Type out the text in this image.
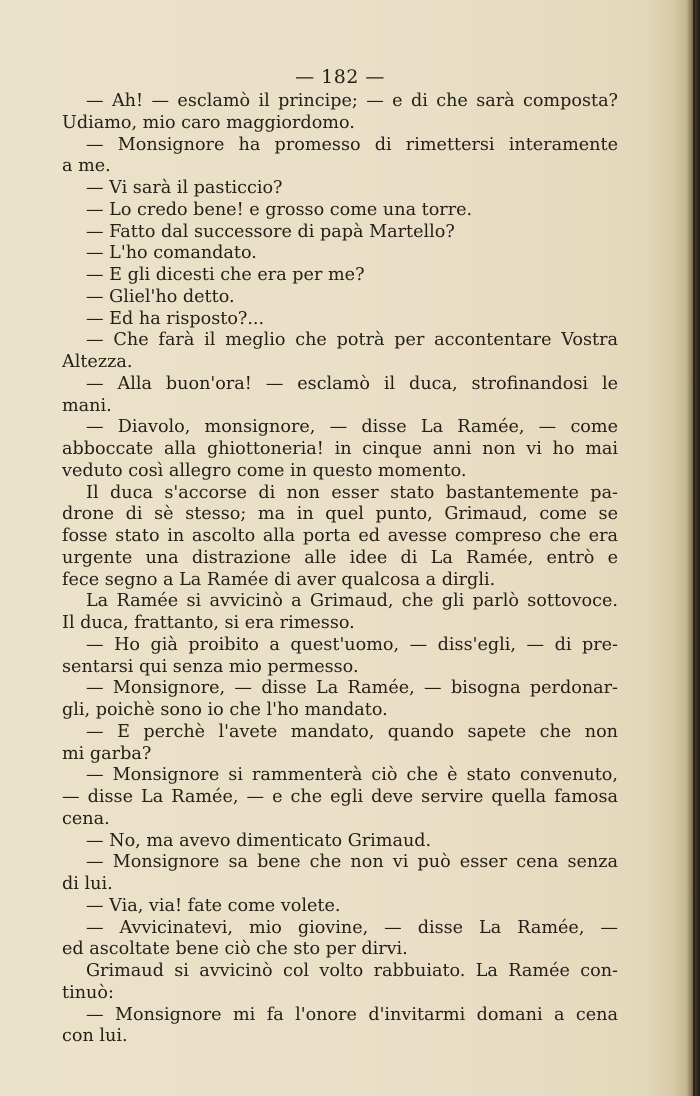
— 182 —
— Ah! — esclamò il principe; — e di che sarà composta?
Udiamo, mio caro maggiordomo.
— Monsignore ha promesso di rimettersi interamente
a me.
— Vi sarà il pasticcio?
— Lo credo bene! e grosso come una torre.
— Fatto dal successore di papà Martello?
— L'ho comandato.
— E gli dicesti che era per me?
— Gliel'ho detto.
— Ed ha risposto?...
— Che farà il meglio che potrà per accontentare Vostra
Altezza.
— Alla buon'ora! — esclamò il duca, strofinandosi le
mani.
— Diavolo, monsignore, — disse La Ramée, — come
abboccate alla ghiottoneria! in cinque anni non vi ho mai
veduto così allegro come in questo momento.
Il duca s'accorse di non esser stato bastantemente pa-
drone di sè stesso; ma in quel punto, Grimaud, come se
fosse stato in ascolto alla porta ed avesse compreso che era
urgente una distrazione alle idee di La Ramée, entrò e
fece segno a La Ramée di aver qualcosa a dirgli.
La Ramée si avvicinò a Grimaud, che gli parlò sottovoce.
Il duca, frattanto, si era rimesso.
— Ho già proibito a quest'uomo, — diss'egli, — di pre-
sentarsi qui senza mio permesso.
— Monsignore, — disse La Ramée, — bisogna perdonar-
gli, poichè sono io che l'ho mandato.
— E perchè l'avete mandato, quando sapete che non
mi garba?
— Monsignore si rammenterà ciò che è stato convenuto,
— disse La Ramée, — e che egli deve servire quella famosa
cena.
— No, ma avevo dimenticato Grimaud.
— Monsignore sa bene che non vi può esser cena senza
di lui.
— Via, via! fate come volete.
— Avvicinatevi, mio giovine, — disse La Ramée, —
ed ascoltate bene ciò che sto per dirvi.
Grimaud si avvicinò col volto rabbuiato. La Ramée con-
tinuò:
— Monsignore mi fa l'onore d'invitarmi domani a cena
con lui.
